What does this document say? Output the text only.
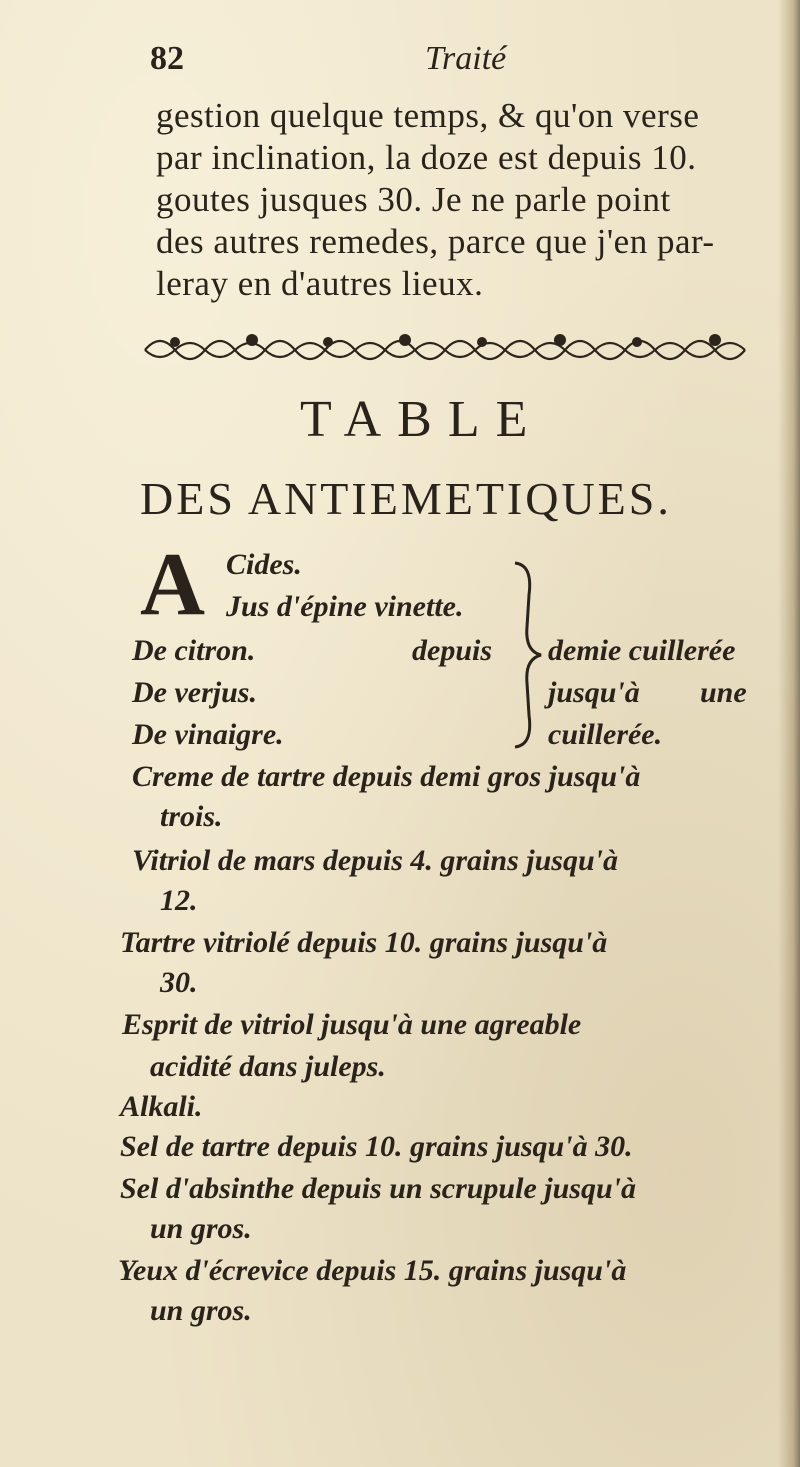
82	Traité
gestion quelque temps, & qu'on verse
par inclination, la doze est depuis 10.
goutes jusques 30. Je ne parle point
des autres remedes, parce que j'en par-
leray en d'autres lieux.
TABLE
DES ANTIEMETIQUES.
A Cides.
Jus d'épine vinette.
De citron.	depuis demie cuillerée
De verjus.	jusqu'à une
De vinaigre.	cuillerée.
Creme de tartre depuis demi gros jusqu'à
trois.
Vitriol de mars depuis 4. grains jusqu'à
12.
Tartre vitriolé depuis 10. grains jusqu'à
30.
Esprit de vitriol jusqu'à une agreable
acidité dans juleps.
Alkali.
Sel de tartre depuis 10. grains jusqu'à 30.
Sel d'absinthe depuis un scrupule jusqu'à
un gros.
Yeux d'écrevice depuis 15. grains jusqu'à
un gros.
